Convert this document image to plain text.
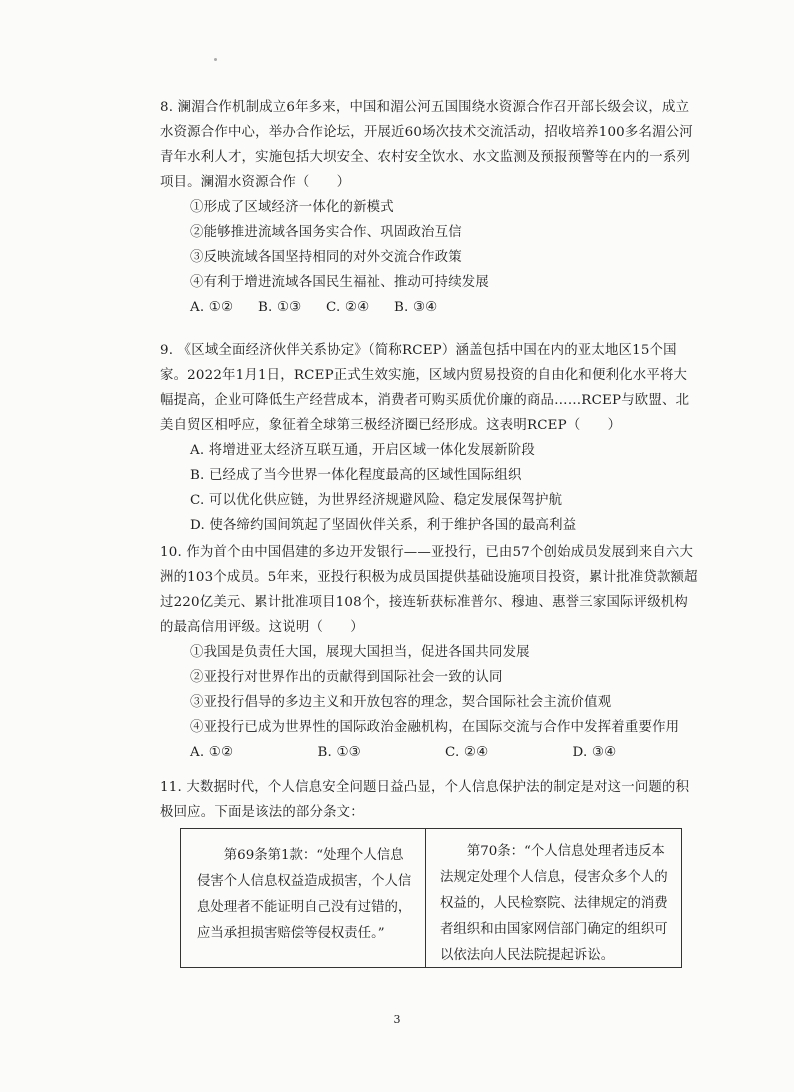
8. 澜湄合作机制成立6年多来，中国和湄公河五国围绕水资源合作召开部长级会议，成立水资源合作中心，举办合作论坛，开展近60场次技术交流活动，招收培养100多名湄公河青年水利人才，实施包括大坝安全、农村安全饮水、水文监测及预报预警等在内的一系列项目。澜湄水资源合作（　　）

①形成了区域经济一体化的新模式

②能够推进流域各国务实合作、巩固政治互信

③反映流域各国坚持相同的对外交流合作政策

④有利于增进流域各国民生福祉、推动可持续发展

A. ①②	B. ①③	C. ②④	B. ③④

9. 《区域全面经济伙伴关系协定》（简称RCEP）涵盖包括中国在内的亚太地区15个国家。2022年1月1日，RCEP正式生效实施，区域内贸易投资的自由化和便利化水平将大幅提高，企业可降低生产经营成本，消费者可购买质优价廉的商品……RCEP与欧盟、北美自贸区相呼应，象征着全球第三极经济圈已经形成。这表明RCEP（　　）

A. 将增进亚太经济互联互通，开启区域一体化发展新阶段

B. 已经成了当今世界一体化程度最高的区域性国际组织

C. 可以优化供应链，为世界经济规避风险、稳定发展保驾护航

D. 使各缔约国间筑起了坚固伙伴关系，利于维护各国的最高利益

10. 作为首个由中国倡建的多边开发银行——亚投行，已由57个创始成员发展到来自六大洲的103个成员。5年来，亚投行积极为成员国提供基础设施项目投资，累计批准贷款额超过220亿美元、累计批准项目108个，接连斩获标准普尔、穆迪、惠誉三家国际评级机构的最高信用评级。这说明（　　）

①我国是负责任大国，展现大国担当，促进各国共同发展

②亚投行对世界作出的贡献得到国际社会一致的认同

③亚投行倡导的多边主义和开放包容的理念，契合国际社会主流价值观

④亚投行已成为世界性的国际政治金融机构，在国际交流与合作中发挥着重要作用

A. ①②	B. ①③	C. ②④	D. ③④

11. 大数据时代，个人信息安全问题日益凸显，个人信息保护法的制定是对这一问题的积极回应。下面是该法的部分条文：

第69条第1款：“处理个人信息侵害个人信息权益造成损害，个人信息处理者不能证明自己没有过错的，应当承担损害赔偿等侵权责任。”
第70条：“个人信息处理者违反本法规定处理个人信息，侵害众多个人的权益的，人民检察院、法律规定的消费者组织和由国家网信部门确定的组织可以依法向人民法院提起诉讼。
3
